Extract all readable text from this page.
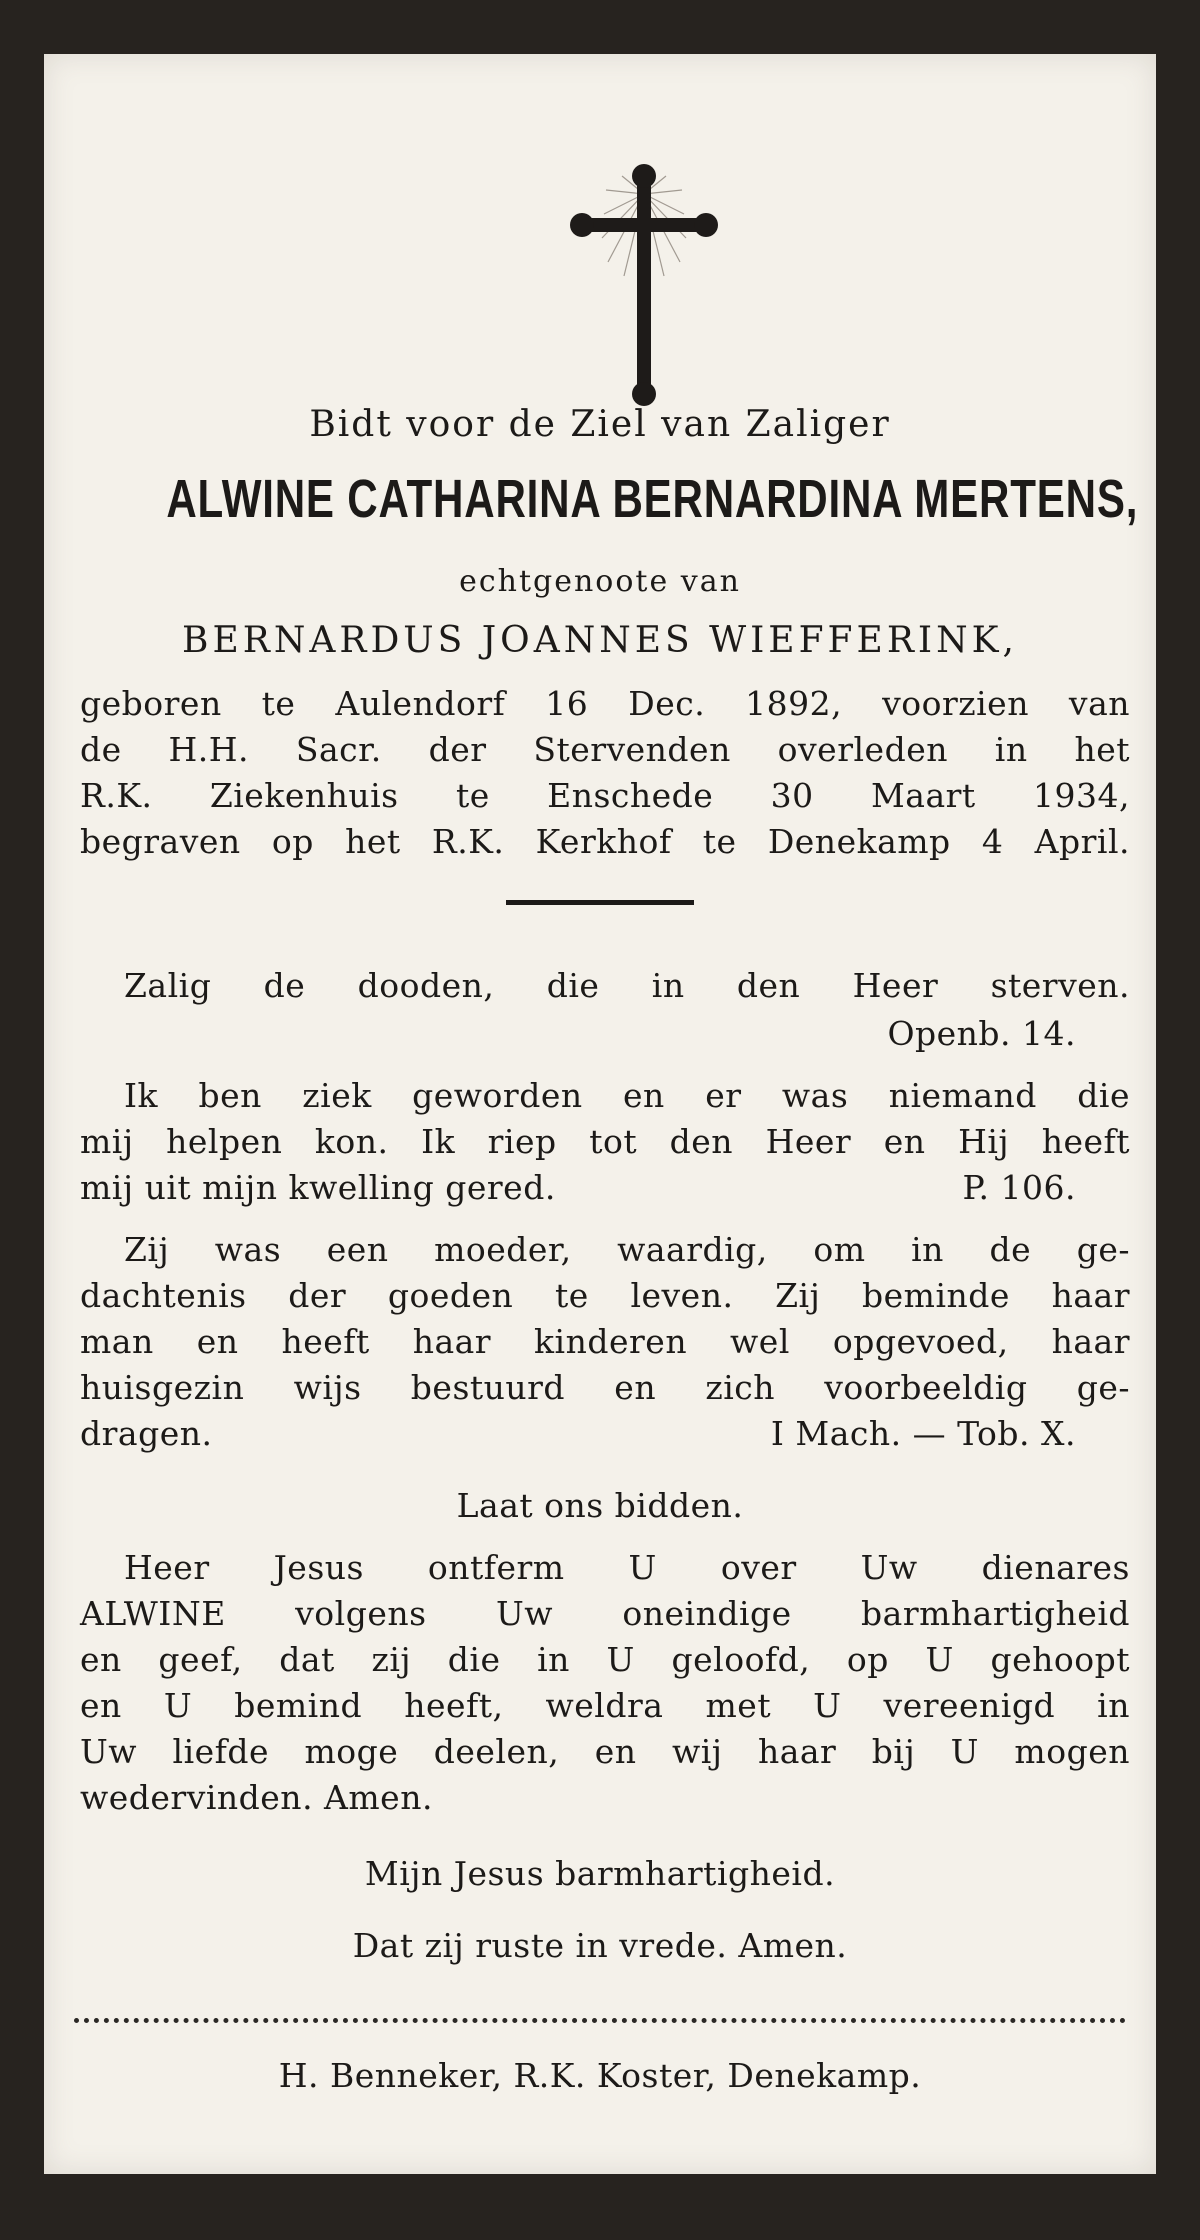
Bidt voor de Ziel van Zaliger
ALWINE CATHARINA BERNARDINA MERTENS,
echtgenoote van
BERNARDUS JOANNES WIEFFERINK,
geboren te Aulendorf 16 Dec. 1892, voorzien van
de H.H. Sacr. der Stervenden overleden in het
R.K. Ziekenhuis te Enschede 30 Maart 1934,
begraven op het R.K. Kerkhof te Denekamp 4 April.
Zalig de dooden, die in den Heer sterven.
Openb. 14.
Ik ben ziek geworden en er was niemand die
mij helpen kon. Ik riep tot den Heer en Hij heeft
mij uit mijn kwelling gered.	P. 106.
Zij was een moeder, waardig, om in de ge-
dachtenis der goeden te leven. Zij beminde haar
man en heeft haar kinderen wel opgevoed, haar
huisgezin wijs bestuurd en zich voorbeeldig ge-
dragen.	I Mach. — Tob. X.
Laat ons bidden.
Heer Jesus ontferm U over Uw dienares
ALWINE volgens Uw oneindige barmhartigheid
en geef, dat zij die in U geloofd, op U gehoopt
en U bemind heeft, weldra met U vereenigd in
Uw liefde moge deelen, en wij haar bij U mogen
wedervinden. Amen.
Mijn Jesus barmhartigheid.
Dat zij ruste in vrede. Amen.
H. Benneker, R.K. Koster, Denekamp.
